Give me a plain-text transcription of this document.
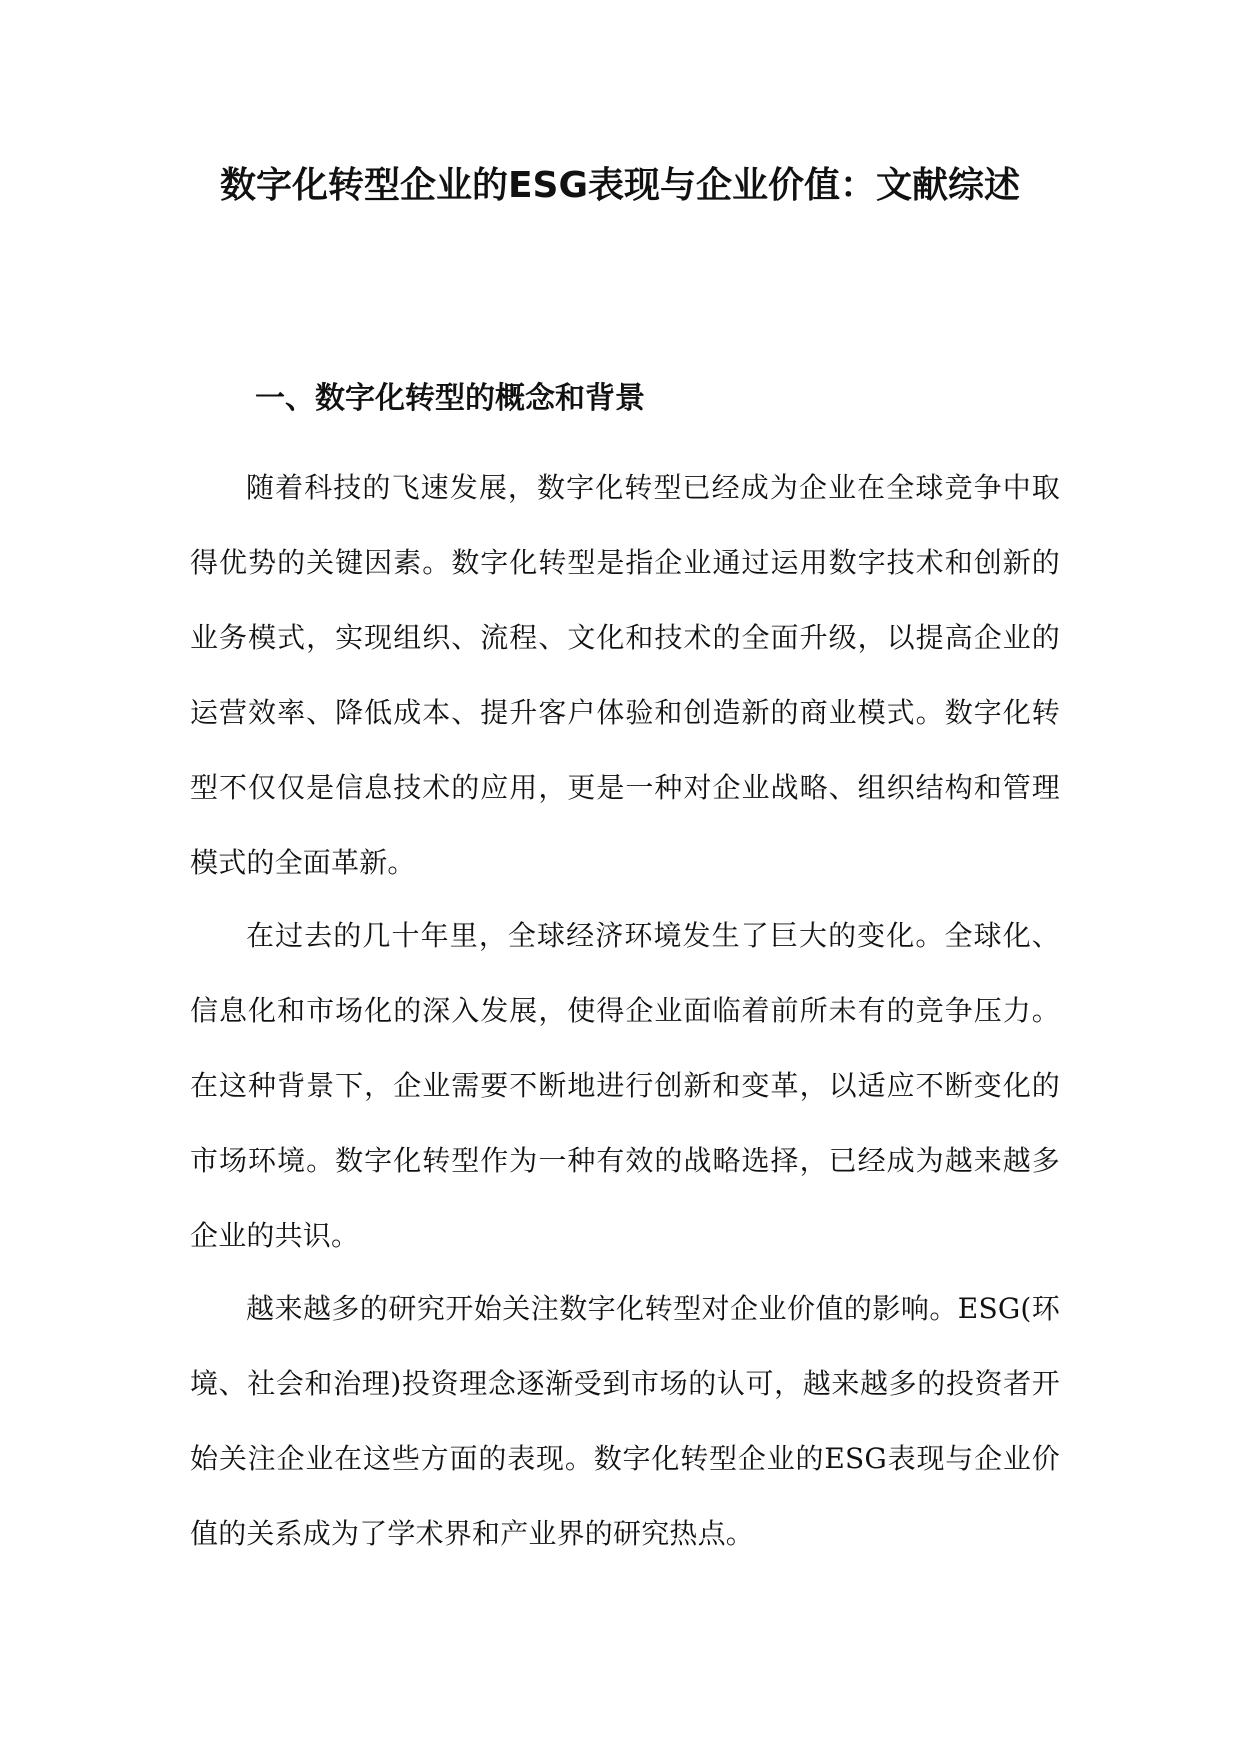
数字化转型企业的ESG表现与企业价值：文献综述
一、数字化转型的概念和背景

随着科技的飞速发展，数字化转型已经成为企业在全球竞争中取得优势的关键因素。数字化转型是指企业通过运用数字技术和创新的业务模式，实现组织、流程、文化和技术的全面升级，以提高企业的运营效率、降低成本、提升客户体验和创造新的商业模式。数字化转型不仅仅是信息技术的应用，更是一种对企业战略、组织结构和管理模式的全面革新。

在过去的几十年里，全球经济环境发生了巨大的变化。全球化、信息化和市场化的深入发展，使得企业面临着前所未有的竞争压力。在这种背景下，企业需要不断地进行创新和变革，以适应不断变化的市场环境。数字化转型作为一种有效的战略选择，已经成为越来越多企业的共识。

越来越多的研究开始关注数字化转型对企业价值的影响。ESG(环境、社会和治理)投资理念逐渐受到市场的认可，越来越多的投资者开始关注企业在这些方面的表现。数字化转型企业的ESG表现与企业价值的关系成为了学术界和产业界的研究热点。
